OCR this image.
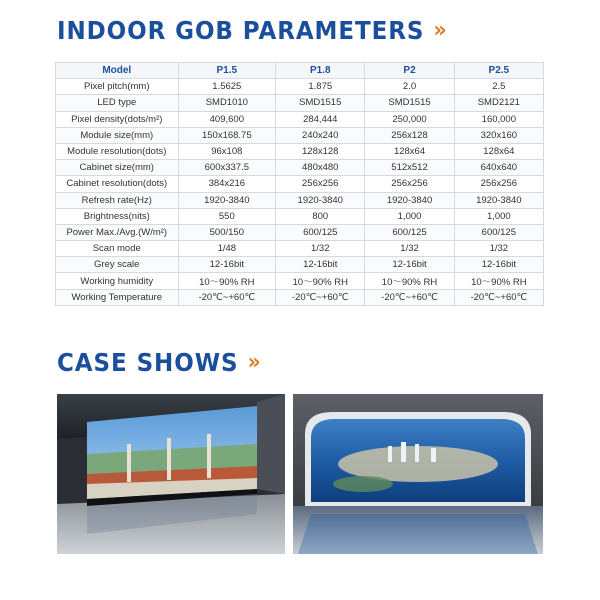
INDOOR GOB PARAMETERS »
Model	P1.5	P1.8	P2	P2.5
Pixel pitch(mm)	1.5625	1.875	2.0	2.5
LED type	SMD1010	SMD1515	SMD1515	SMD2121
Pixel density(dots/m²)	409,600	284,444	250,000	160,000
Module size(mm)	150x168.75	240x240	256x128	320x160
Module resolution(dots)	96x108	128x128	128x64	128x64
Cabinet size(mm)	600x337.5	480x480	512x512	640x640
Cabinet resolution(dots)	384x216	256x256	256x256	256x256
Refresh rate(Hz)	1920-3840	1920-3840	1920-3840	1920-3840
Brightness(nits)	550	800	1,000	1,000
Power Max./Avg.(W/m²)	500/150	600/125	600/125	600/125
Scan mode	1/48	1/32	1/32	1/32
Grey scale	12-16bit	12-16bit	12-16bit	12-16bit
Working humidity	10～90% RH	10～90% RH	10～90% RH	10～90% RH
Working Temperature	-20℃~+60℃	-20℃~+60℃	-20℃~+60℃	-20℃~+60℃
CASE SHOWS »
